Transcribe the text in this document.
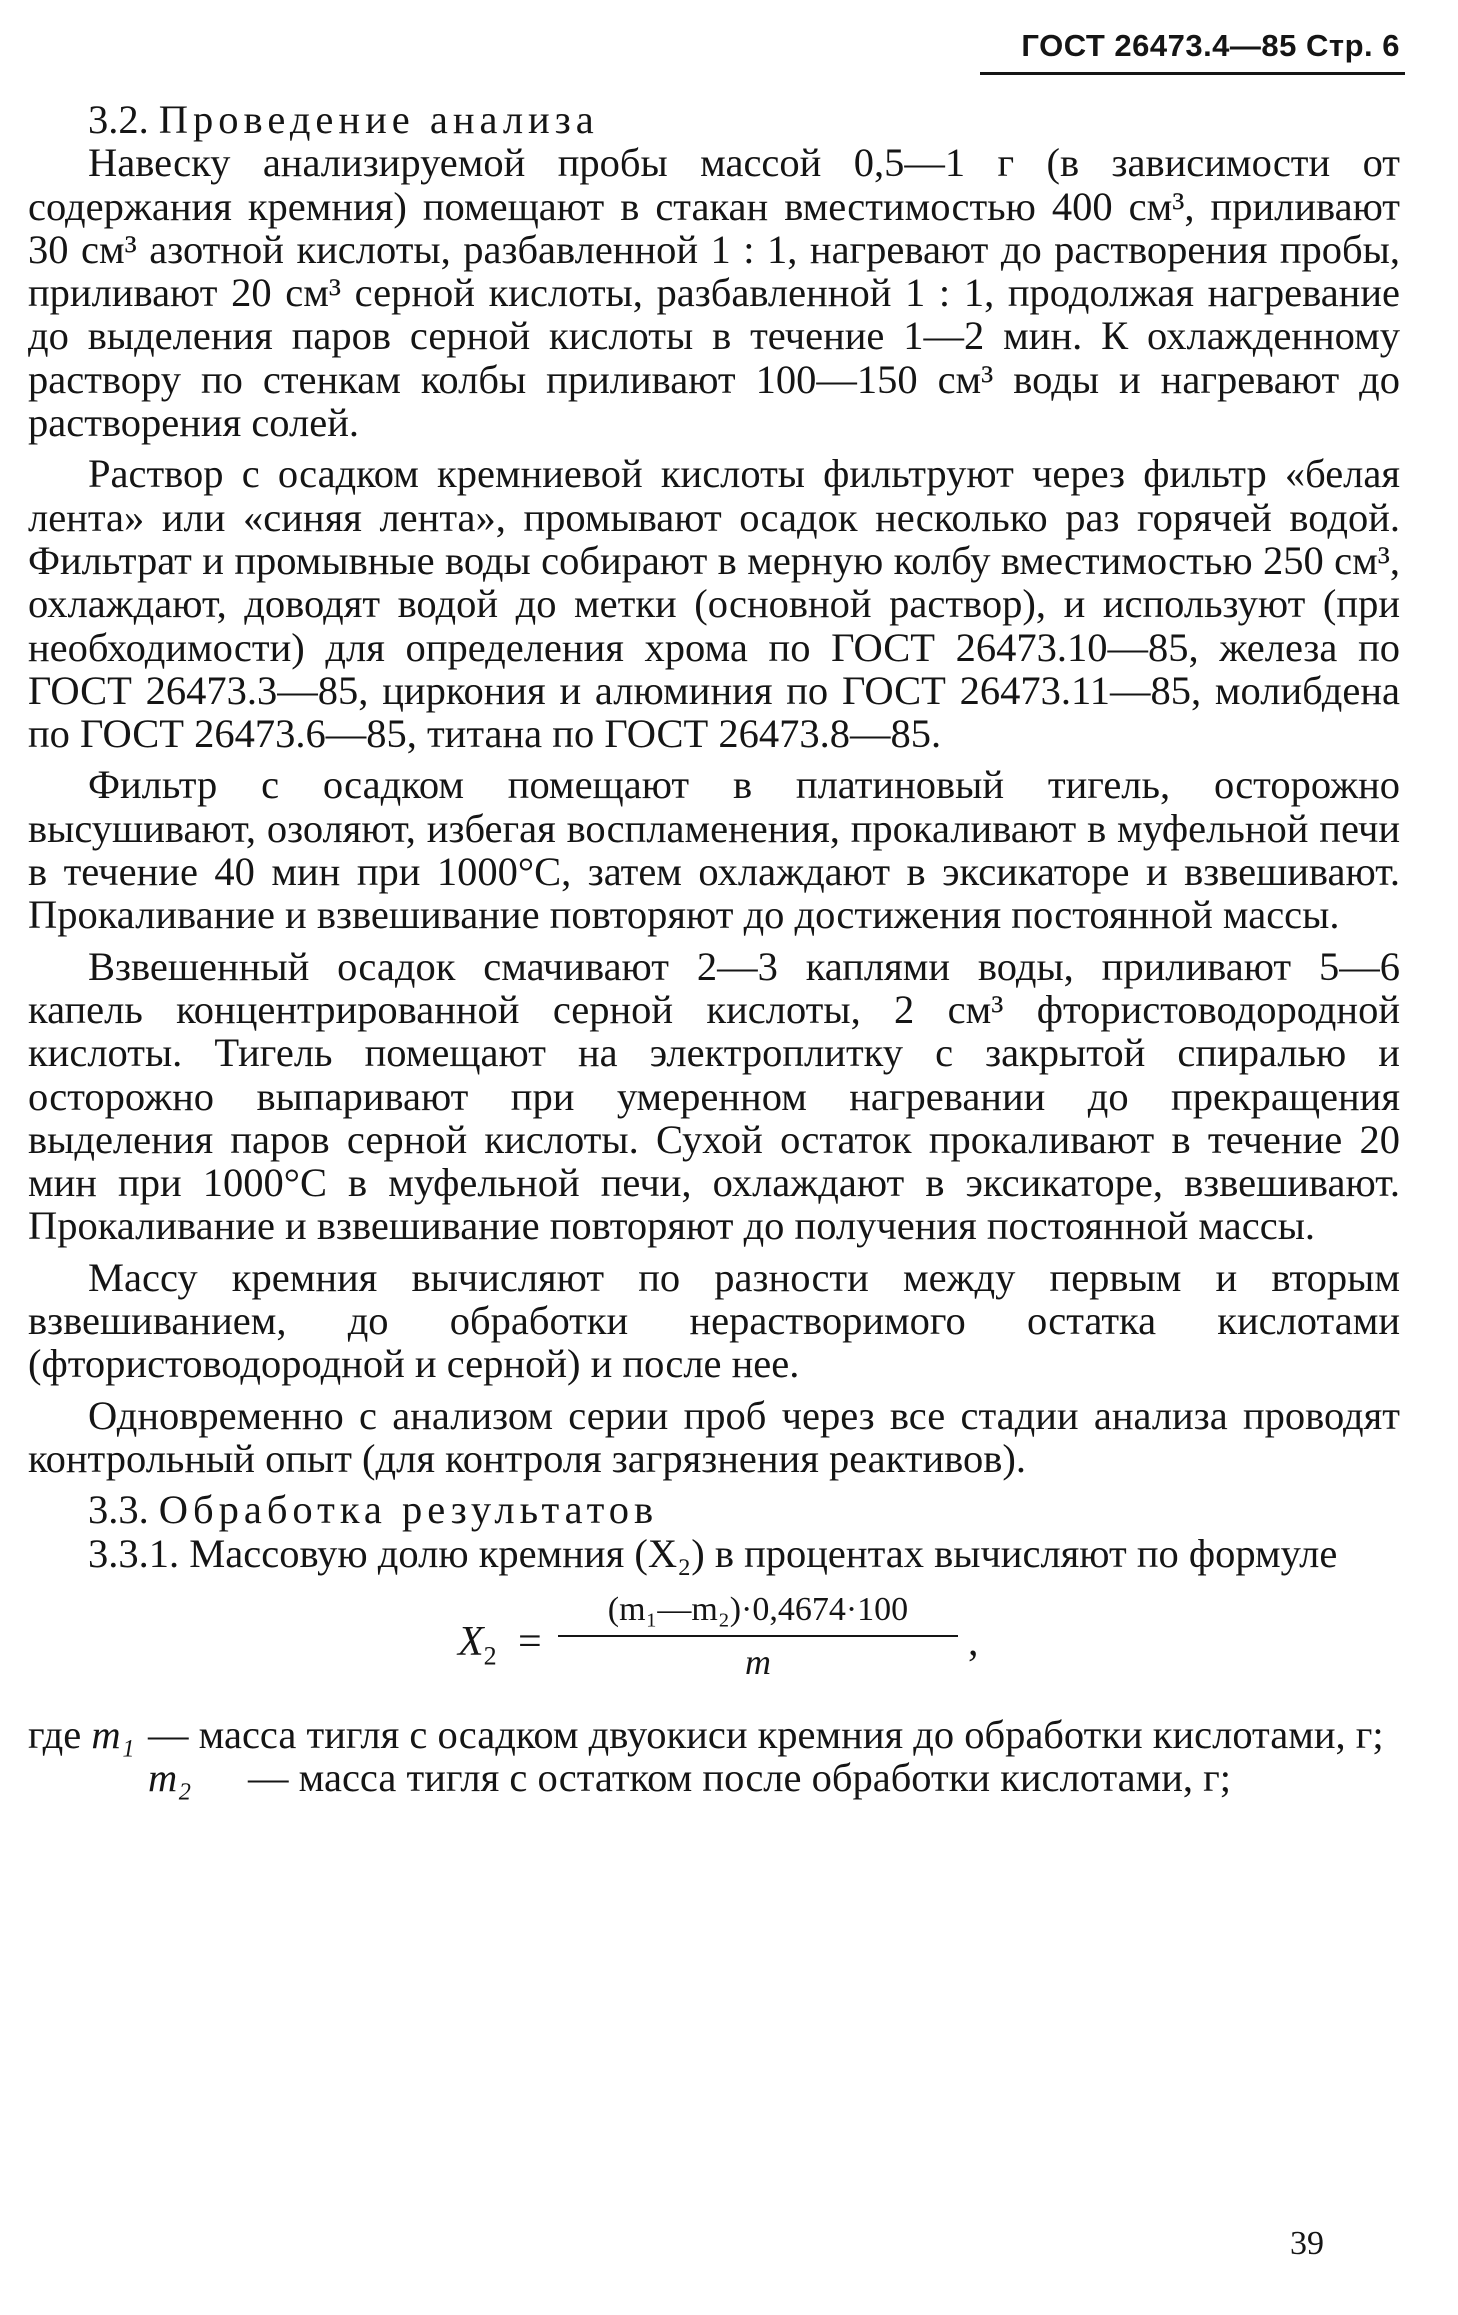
ГОСТ 26473.4—85 Стр. 6
3.2. Проведение анализа

Навеску анализируемой пробы массой 0,5—1 г (в зависимости от содержания кремния) помещают в стакан вместимостью 400 см³, приливают 30 см³ азотной кислоты, разбавленной 1 : 1, нагревают до растворения пробы, приливают 20 см³ серной кислоты, разбавленной 1 : 1, продолжая нагревание до выделения паров серной кислоты в течение 1—2 мин. К охлажденному раствору по стенкам колбы приливают 100—150 см³ воды и нагревают до растворения солей.

Раствор с осадком кремниевой кислоты фильтруют через фильтр «белая лента» или «синяя лента», промывают осадок несколько раз горячей водой. Фильтрат и промывные воды собирают в мерную колбу вместимостью 250 см³, охлаждают, доводят водой до метки (основной раствор), и используют (при необходимости) для определения хрома по ГОСТ 26473.10—85, железа по ГОСТ 26473.3—85, циркония и алюминия по ГОСТ 26473.11—85, молибдена по ГОСТ 26473.6—85, титана по ГОСТ 26473.8—85.

Фильтр с осадком помещают в платиновый тигель, осторожно высушивают, озоляют, избегая воспламенения, прокаливают в муфельной печи в течение 40 мин при 1000°С, затем охлаждают в эксикаторе и взвешивают. Прокаливание и взвешивание повторяют до достижения постоянной массы.

Взвешенный осадок смачивают 2—3 каплями воды, приливают 5—6 капель концентрированной серной кислоты, 2 см³ фтористоводородной кислоты. Тигель помещают на электроплитку с закрытой спиралью и осторожно выпаривают при умеренном нагревании до прекращения выделения паров серной кислоты. Сухой остаток прокаливают в течение 20 мин при 1000°С в муфельной печи, охлаждают в эксикаторе, взвешивают. Прокаливание и взвешивание повторяют до получения постоянной массы.

Массу кремния вычисляют по разности между первым и вторым взвешиванием, до обработки нерастворимого остатка кислотами (фтористоводородной и серной) и после нее.

Одновременно с анализом серии проб через все стадии анализа проводят контрольный опыт (для контроля загрязнения реактивов).

3.3. Обработка результатов

3.3.1. Массовую долю кремния (X₂) в процентах вычисляют по формуле

$X_2$ =
(m₁—m₂)·0,4674·100
m	,
где m₁ — масса тигля с осадком двуокиси кремния до обработки кислотами, г;
m₂	— масса тигля с остатком после обработки кислотами, г;
39
